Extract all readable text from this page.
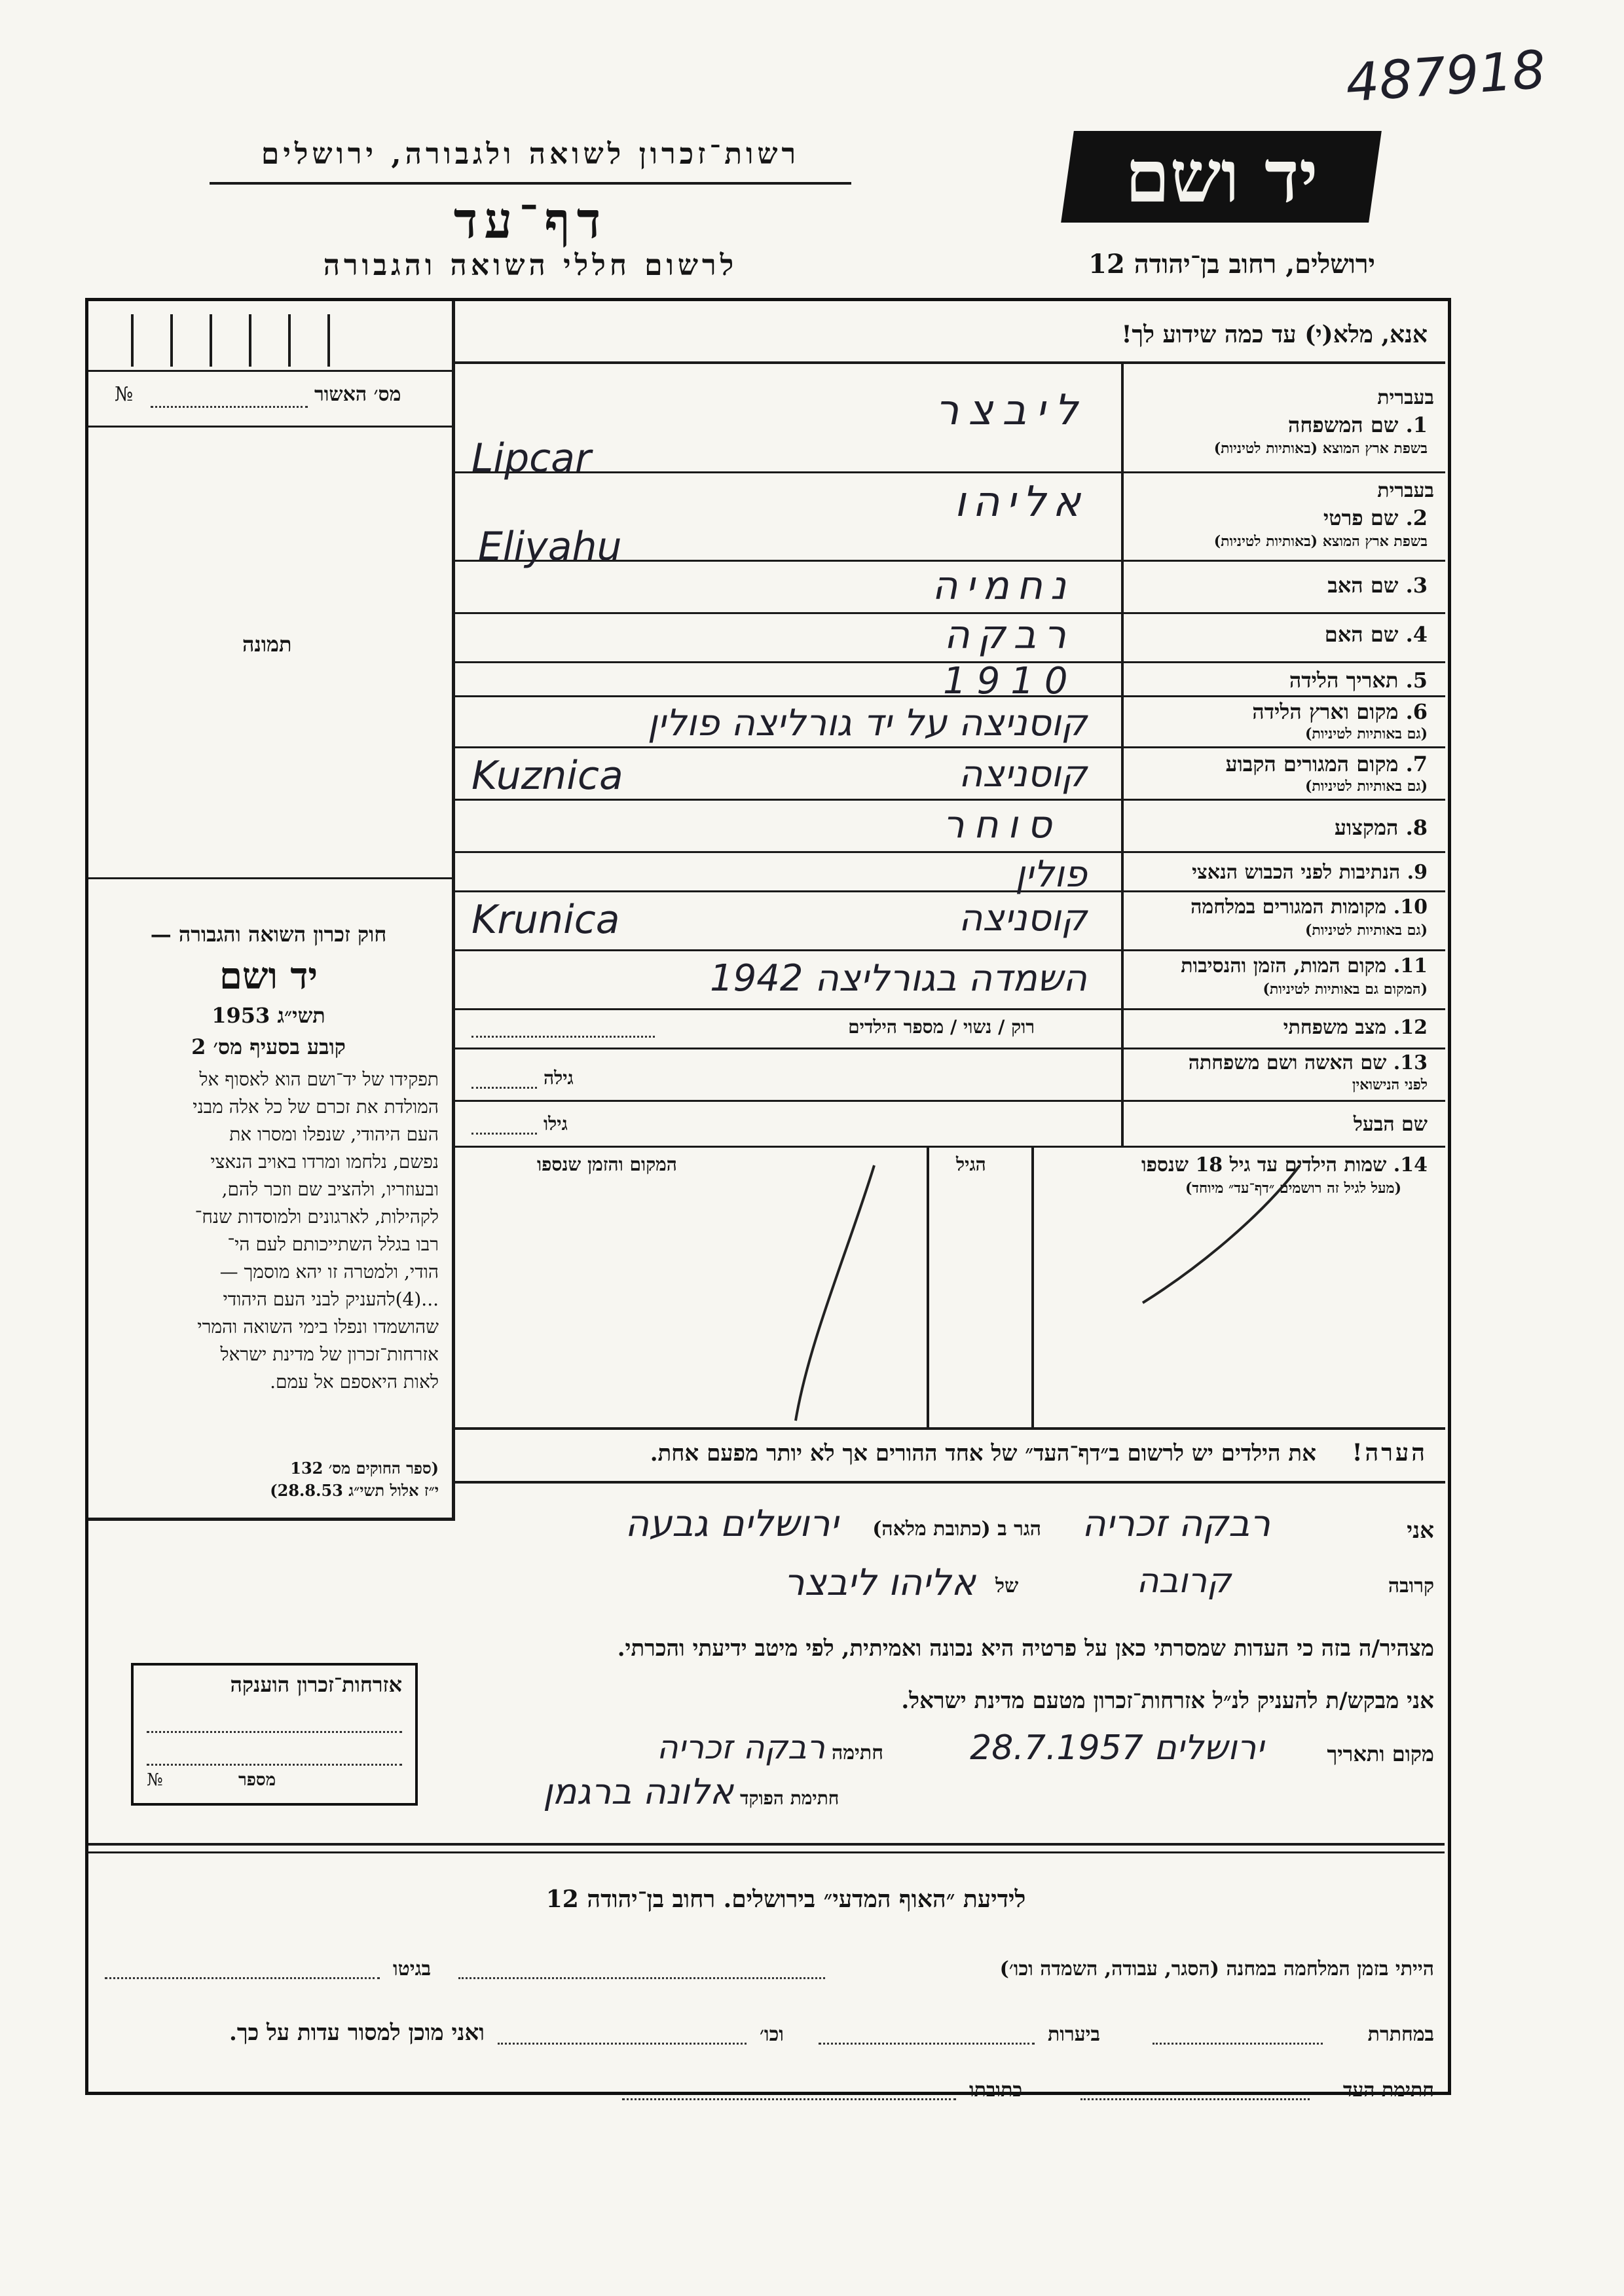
487918
יד ושם
ירושלים, רחוב בן־יהודה 12
רשות־זכרון לשואה ולגבורה, ירושלים
דף־עד
לרשום חללי השואה והגבורה
מס׳ האשור
№
תמונה
חוק זכרון השואה והגבורה —
יד ושם
תשי״ג 1953
קובע בסעיף מס׳ 2
תפקידו של יד־ושם הוא לאסוף אל
המולדת את זכרם של כל אלה מבני
העם היהודי, שנפלו ומסרו את
נפשם, נלחמו ומרדו באויב הנאצי
ובעוזריו, ולהציב שם וזכר להם,
לקהילות, לארגונים ולמוסדות שנח־
רבו בגלל השתייכותם לעם הי־
הודי, ולמטרה זו יהא מוסמך —
...(4)להעניק לבני העם היהודי
שהושמדו ונפלו בימי השואה והמרי
אזרחות־זכרון של מדינת ישראל
לאות היאספם אל עמם.
(ספר החוקים מס׳ 132
י״ז אלול תשי״ג 28.8.53)
אזרחות־זכרון הוענקה
מספר
№
אנא, מלא(י) עד כמה שידוע לך!
בעברית
1. שם המשפחה
בשפת ארץ המוצא (באותיות לטיניות)
ליבצר
Lipcar
בעברית
2. שם פרטי
בשפת ארץ המוצא (באותיות לטיניות)
אליהו
Eliyahu
3. שם האב
נחמיה
4. שם האם
רבקה
5. תאריך הלידה
1910
6. מקום וארץ הלידה
(גם באותיות לטיניות)
קוסניצה על יד גורליצה פולין
7. מקום המגורים הקבוע
(גם באותיות לטיניות)
קוסניצה
Kuznica
8. המקצוע
סוחר
9. הנתיבות לפני הכבוש הנאצי
פולין
10. מקומות המגורים במלחמה
(גם באותיות לטיניות)
קוסניצה
Krunica
11. מקום המות, הזמן והנסיבות
(המקום גם באותיות לטיניות)
השמדה בגורליצה 1942
12. מצב משפחתי
רוק / נשוי / מספר הילדים
13. שם האשה ושם משפחתה
לפני הנישואין
גילה
שם הבעל
גילו
14. שמות הילדים עד גיל 18 שנספו
(מעל לגיל זה רושמים ״דף־עד״ מיוחד)
הגיל
המקום והזמן שנספו
הערה!
את הילדים יש לרשום ב״דף־העד״ של אחד ההורים אך לא יותר מפעם אחת.
אני
רבקה זכריה
הגר ב (כתובת מלאה)
ירושלים גבעה
קרובה
קרובה
של
אליהו ליבצר
מצהיר/ה בזה כי העדות שמסרתי כאן על פרטיה היא נכונה ואמיתית, לפי מיטב ידיעתי והכרתי.
אני מבקש/ת להעניק לנ״ל אזרחות־זכרון מטעם מדינת ישראל.
מקום ותאריך
ירושלים 28.7.1957
חתימה
רבקה זכריה
חתימת הפוקד
אלונה ברגמן
לידיעת ״האוף המדעי״ בירושלים. רחוב בן־יהודה 12
הייתי בזמן המלחמה במחנה (הסגר, עבודה, השמדה וכו׳)
בגיטו
במחתרת
ביערות
וכו׳
ואני מוכן למסור עדות על כך.
חתימת העד
כתובתו
